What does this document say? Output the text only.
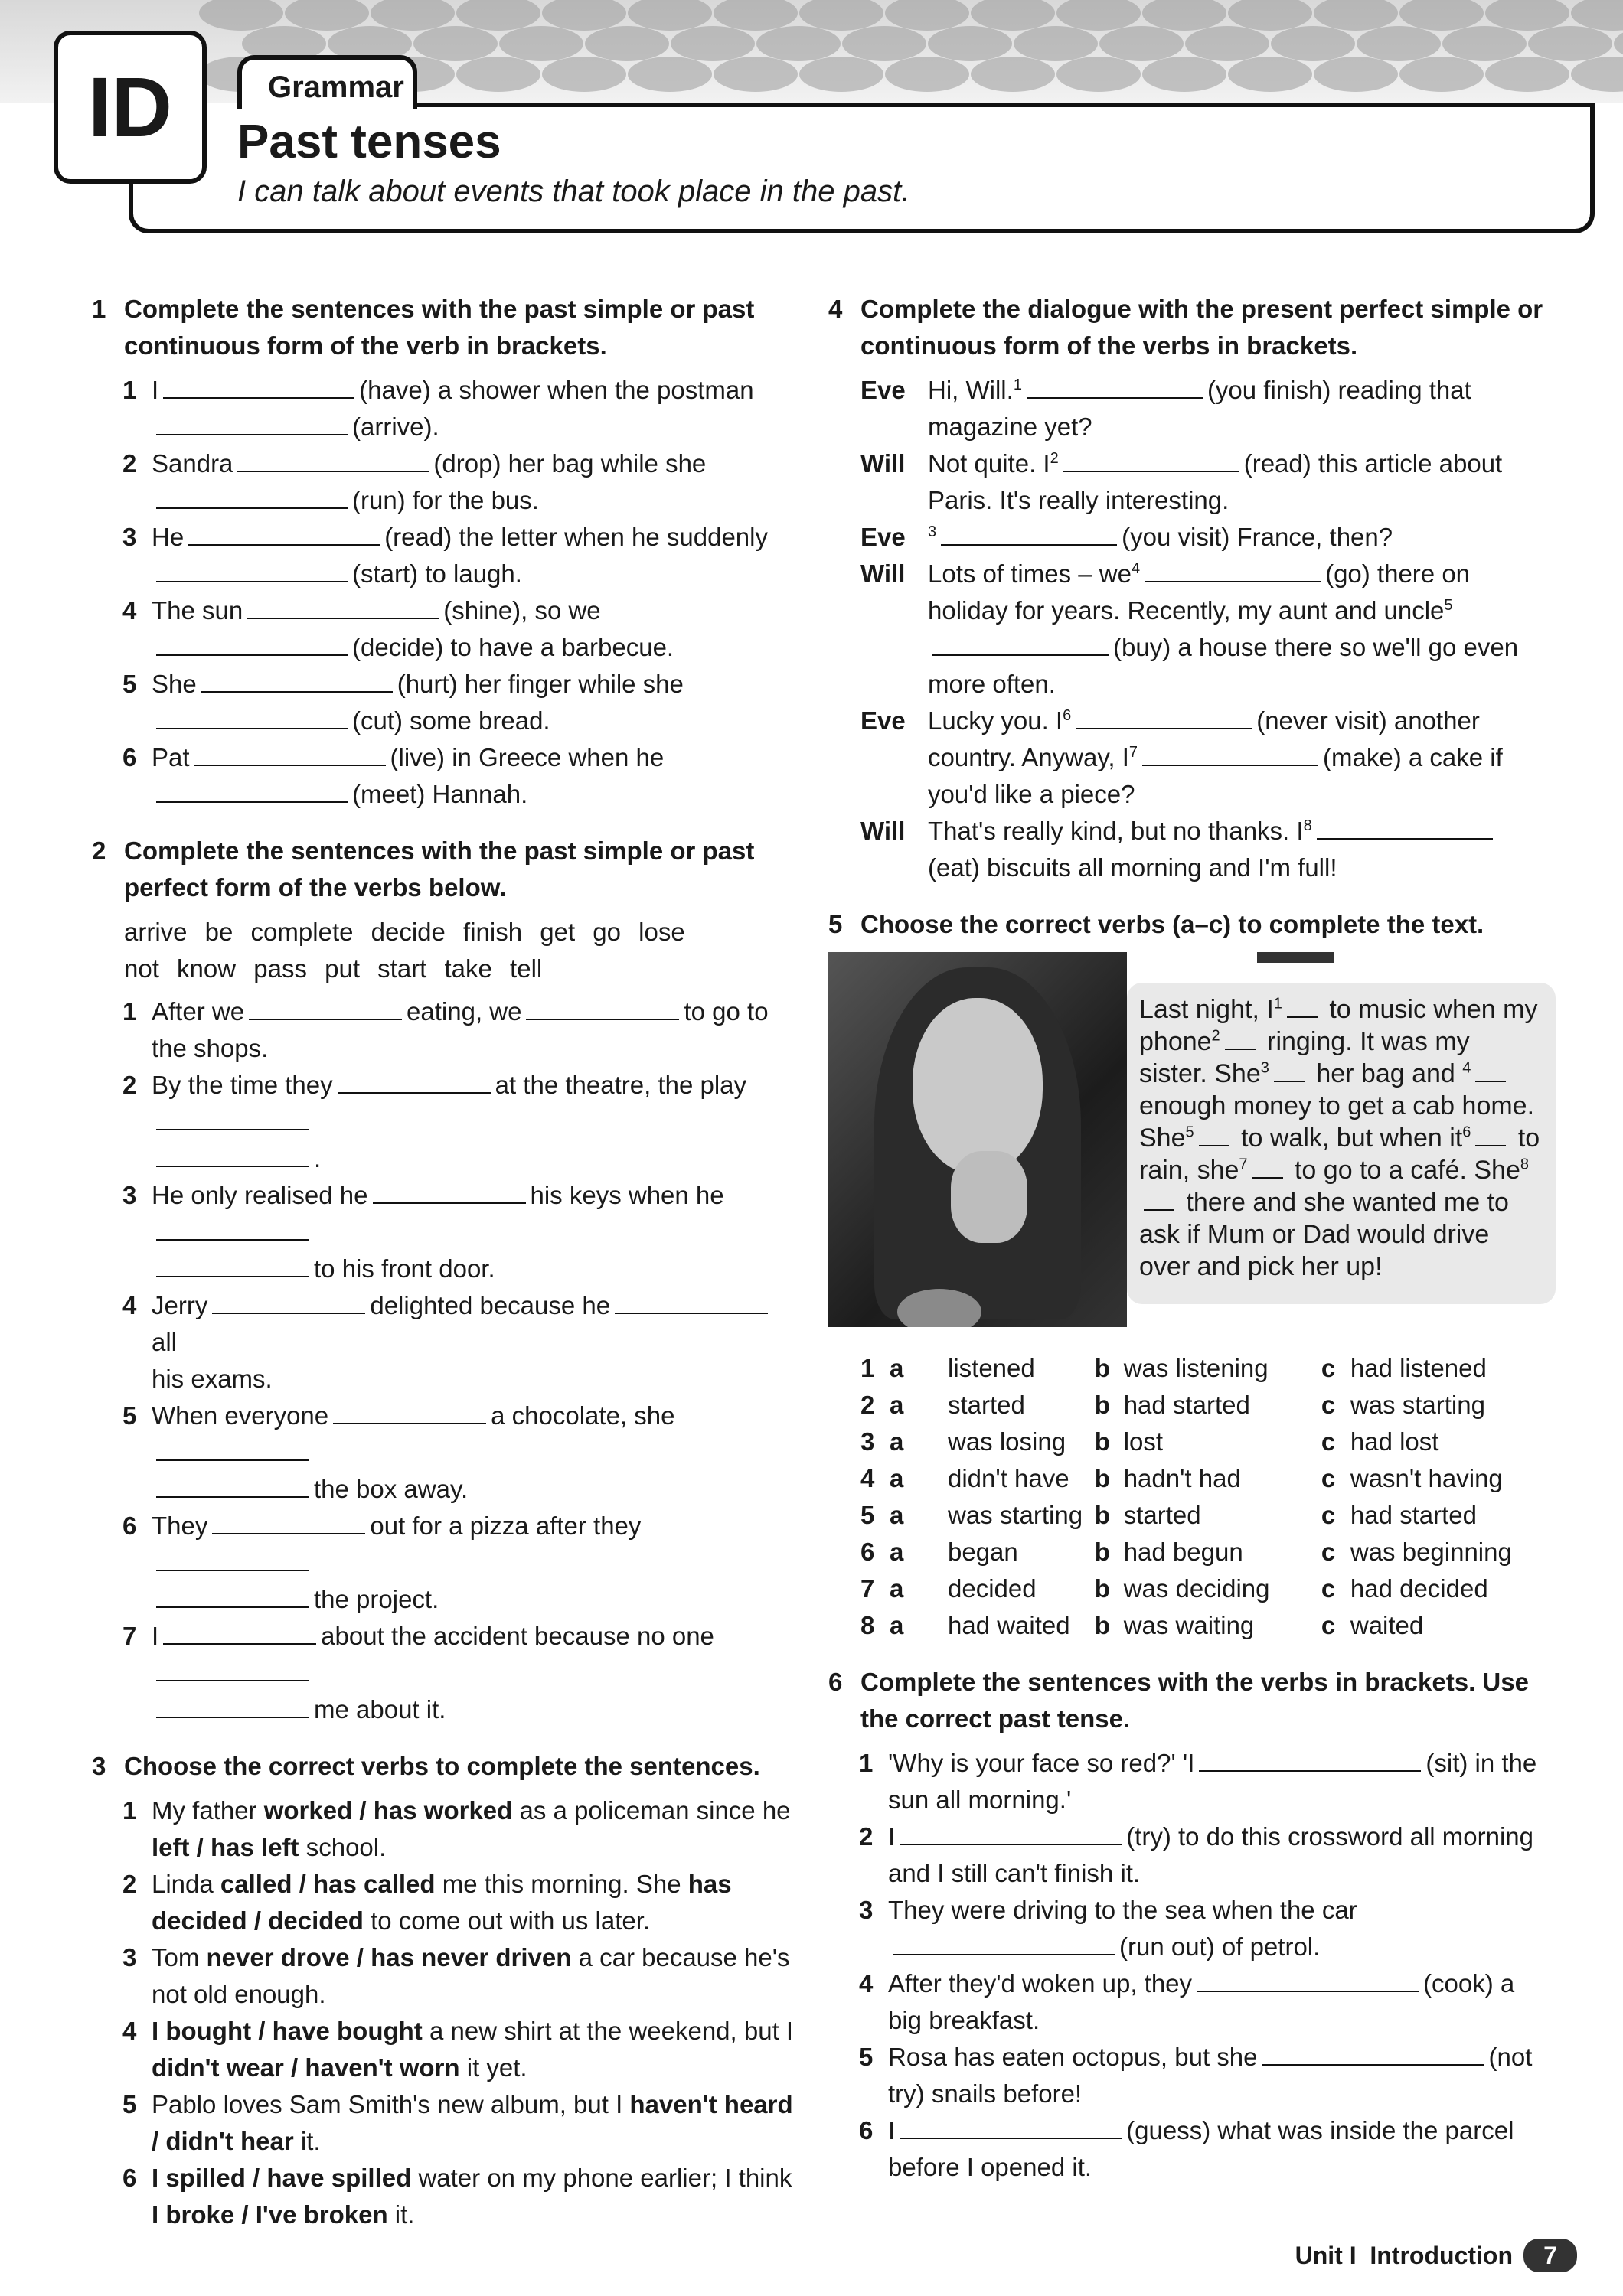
ID	Grammar
Past tenses
I can talk about events that took place in the past.
1 Complete the sentences with the past simple or past continuous form of the verb in brackets.
1 I	(have) a shower when the postman
(arrive).
2 Sandra	(drop) her bag while she
(run) for the bus.
3 He	(read) the letter when he suddenly
(start) to laugh.
4 The sun	(shine), so we
(decide) to have a barbecue.
5 She	(hurt) her finger while she
(cut) some bread.
6 Pat	(live) in Greece when he
(meet) Hannah.
2 Complete the sentences with the past simple or past perfect form of the verbs below.
arrive be complete decide finish get go lose
not know pass put start take tell
1 After we	eating, we	to go to
the shops.
2 By the time they	at the theatre, the play
.
3 He only realised he	his keys when he
to his front door.
4 Jerry	delighted because heall
his exams.
5 When everyone	a chocolate, she
the box away.
6 They	out for a pizza after they
the project.
7 I	about the accident because no one
me about it.
3 Choose the correct verbs to complete the sentences.
1 My father worked / has worked as a policeman since he left / has left school.
2 Linda called / has called me this morning. She has decided / decided to come out with us later.
3 Tom never drove / has never driven a car because he's not old enough.
4 I bought / have bought a new shirt at the weekend, but I didn't wear / haven't worn it yet.
5 Pablo loves Sam Smith's new album, but I haven't heard / didn't hear it.
6 I spilled / have spilled water on my phone earlier; I think I broke / I've broken it.
4 Complete the dialogue with the present perfect simple or continuous form of the verbs in brackets.
Eve Hi, Will.$^1$	(you finish) reading that magazine yet?
Will Not quite. $I^2$	(read) this article about Paris. It's really interesting.
Eve $^3$	(you visit) France, then?
Will Lots of times – $we^4$	(go) there on holiday for years. Recently, my aunt and uncle$^5$(buy) a house there so we'll go even more often.
Eve Lucky you. $I^6$	(never visit) another country. Anyway, $I^7$	(make) a cake if you'd like a piece?
Will That's really kind, but no thanks. $I^8(eat)$ biscuits all morning and I'm full!
5 Choose the correct verbs (a–c) to complete the text.
Last night, $I^1$ to music when my phone$^2$ ringing. It was my sister. She$^3$ her bag and $^4$ enough money to get a cab home. She$^5$ to walk, but when $it^6$ to rain, she$^7$ to go to a café. She$^8$ there and she wanted me to ask if Mum or Dad would drive over and pick her up!
1 a	listened b was listening c had listened
2 a	started	b had started	c was starting
3 a	was losing b lost	c had lost
4 a	didn't have b hadn't had	c wasn't having
5 a	was starting b started	c had started
6 a	began	b had begun	c was beginning
7 a	decided b was deciding c had decided
8 a	had waited b was waiting	c waited
6 Complete the sentences with the verbs in brackets. Use the correct past tense.
1 'Why is your face so red?' 'I	(sit) in the sun all morning.'
2 I	(try) to do this crossword all morning and I still can't finish it.
3 They were driving to the sea when the car(run out) of petrol.
4 After they'd woken up, they	(cook) a big breakfast.
5 Rosa has eaten octopus, but she	(not try) snails before!
6 I	(guess) what was inside the parcel before I opened it.
Unit I
Introduction	7
